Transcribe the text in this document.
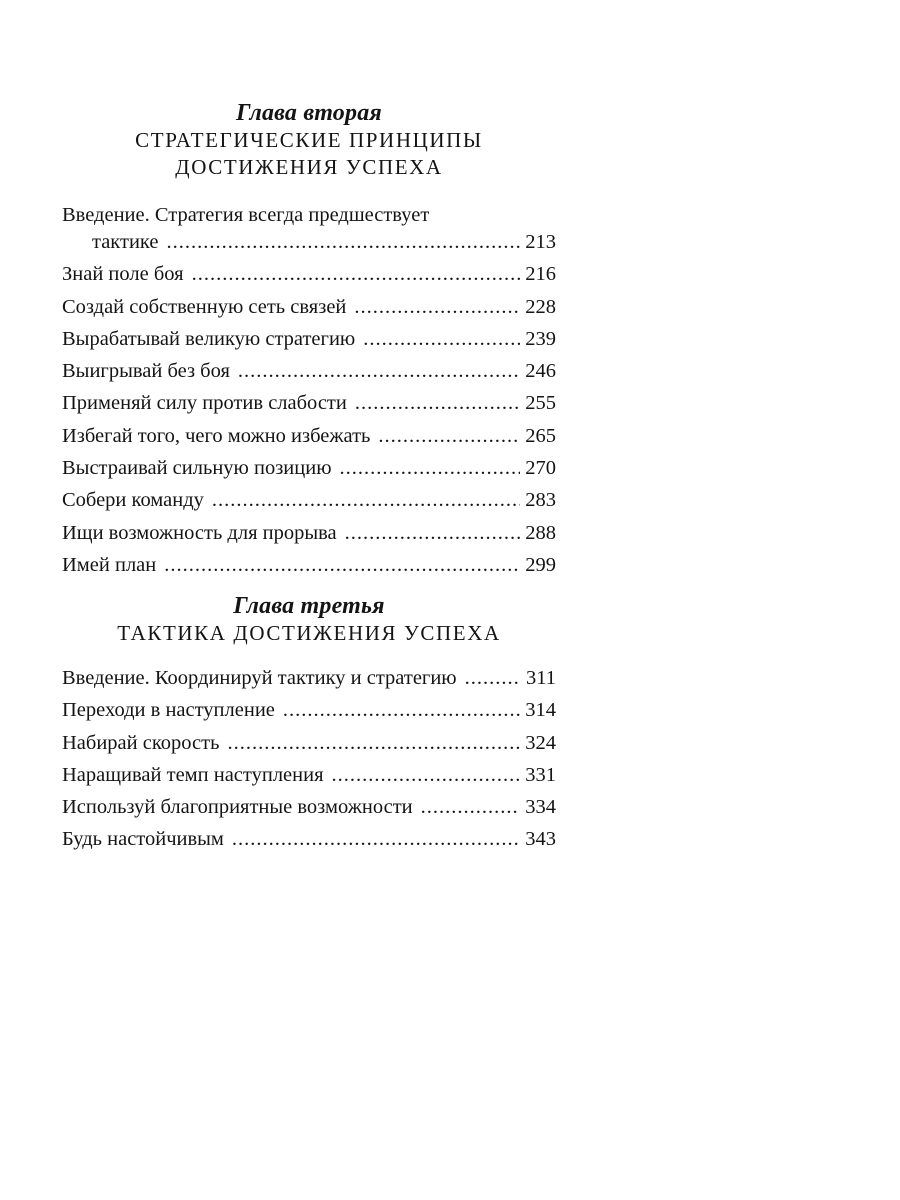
Глава вторая
СТРАТЕГИЧЕСКИЕ ПРИНЦИПЫ
ДОСТИЖЕНИЯ УСПЕХА
Введение. Стратегия всегда предшествует
тактике .....	213
Знай поле боя .....	216
Создай собственную сеть связей .....	228
Вырабатывай великую стратегию .....	239
Выигрывай без боя .....	246
Применяй силу против слабости .....	255
Избегай того, чего можно избежать .....	265
Выстраивай сильную позицию .....	270
Собери команду .....	283
Ищи возможность для прорыва .....	288
Имей план .....	299
Глава третья
ТАКТИКА ДОСТИЖЕНИЯ УСПЕХА
Введение. Координируй тактику и стратегию .....	311
Переходи в наступление .....	314
Набирай скорость .....	324
Наращивай темп наступления .....	331
Используй благоприятные возможности .....	334
Будь настойчивым .....	343
